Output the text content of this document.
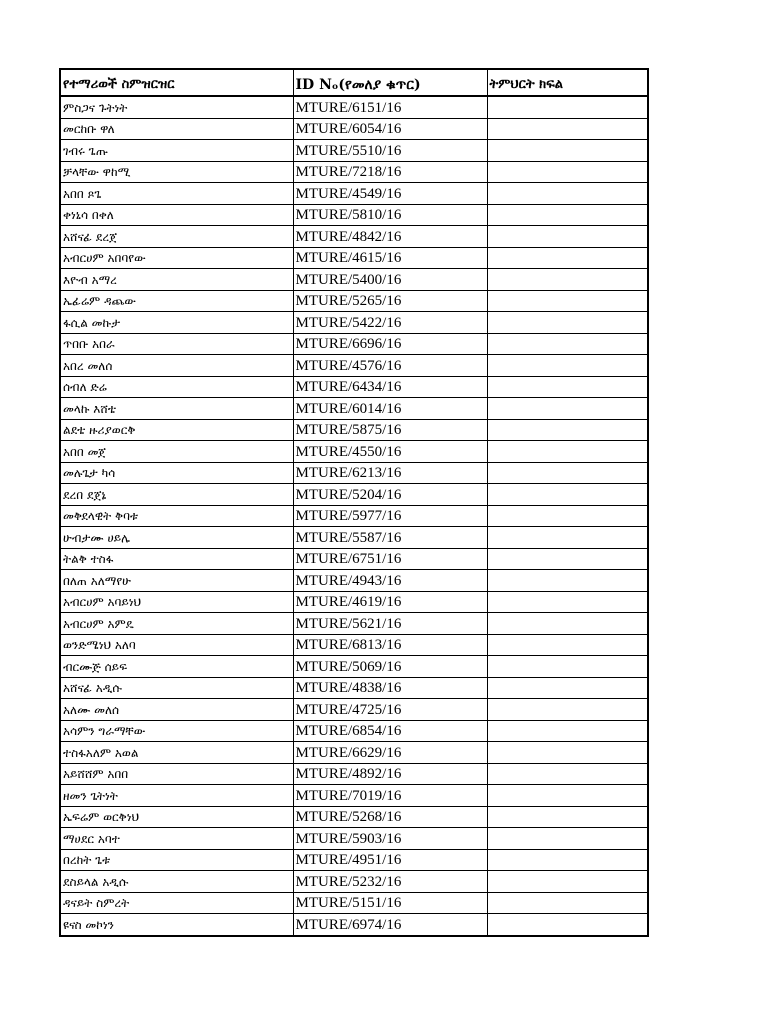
የተማሪወች ስምዝርዝር	ID Nₒ(የመለያ ቁጥር)	ትምህርት ክፍል
ምስጋና ጉትነት	MTURE/6151/16	
መርከቡ ዋለ	MTURE/6054/16	
ገብሩ ጌጡ	MTURE/5510/16	
ቻላቸው ዋከሚ	MTURE/7218/16	
አበበ ጾጌ	MTURE/4549/16	
ቀነኒሳ በቀለ	MTURE/5810/16	
አሸናፊ ደረጀ	MTURE/4842/16	
አብርሀም አበባየው	MTURE/4615/16	
እዮብ አማረ	MTURE/5400/16	
ኤፊሬም ዳጨው	MTURE/5265/16	
ፋሲል መኩታ	MTURE/5422/16	
ጥበቡ አበራ	MTURE/6696/16	
አበረ መለሰ	MTURE/4576/16	
ሰብለ ድሬ	MTURE/6434/16	
መላኩ እሸቴ	MTURE/6014/16	
ልደቴ ዙሪያወርቅ	MTURE/5875/16	
አበበ መጀ	MTURE/4550/16	
መሉጌታ ካሳ	MTURE/6213/16	
ደረበ ደጀኔ	MTURE/5204/16	
መቅደላዊት ቅባቱ	MTURE/5977/16	
ሁብታሙ ሀይሌ	MTURE/5587/16	
ትልቅ ተስፋ	MTURE/6751/16	
በለጠ አለማየሁ	MTURE/4943/16	
አብርሀም አባይነህ	MTURE/4619/16	
አብርሀም አምዴ	MTURE/5621/16	
ወንድሜነህ አለባ	MTURE/6813/16	
ብርሙጅ ሰይፍ	MTURE/5069/16	
አሸናፊ አዲሱ	MTURE/4838/16	
አለሙ መለሰ	MTURE/4725/16	
አሳምን ግራማቸው	MTURE/6854/16	
ተስፋአለም አወል	MTURE/6629/16	
አይሸሸም አበበ	MTURE/4892/16	
ዘመን ጌትነት	MTURE/7019/16	
ኤፍሬም ወርቅነህ	MTURE/5268/16	
ማሀደር አባተ	MTURE/5903/16	
በረከት ጌቱ	MTURE/4951/16	
ደስይላል አዲሱ	MTURE/5232/16	
ዳናይት ስምረት	MTURE/5151/16	
ዩናስ መኮነን	MTURE/6974/16	
